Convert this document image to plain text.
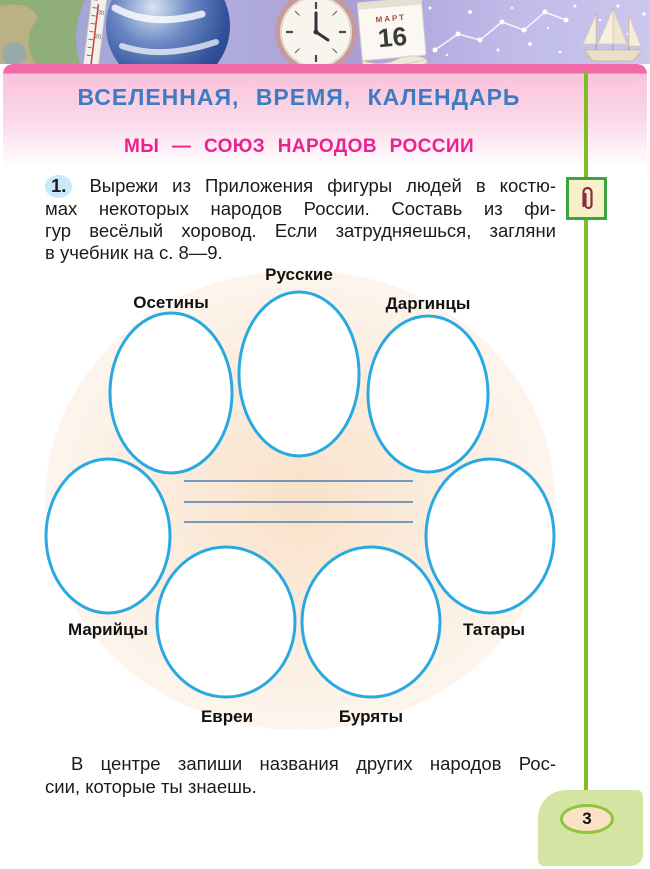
30
20
МАРТ
16
ВСЕЛЕННАЯ, ВРЕМЯ, КАЛЕНДАРЬ
МЫ — СОЮЗ НАРОДОВ РОССИИ
1. Вырежи из Приложения фигуры людей в костю-
мах некоторых народов России. Составь из фи-
гур весёлый хоровод. Если затрудняешься, загляни
в учебник на с. 8—9.
Русские
Осетины	Даргинцы
Марийцы	Татары
Евреи	Буряты
В центре запиши названия других народов Рос-
сии, которые ты знаешь.
3
